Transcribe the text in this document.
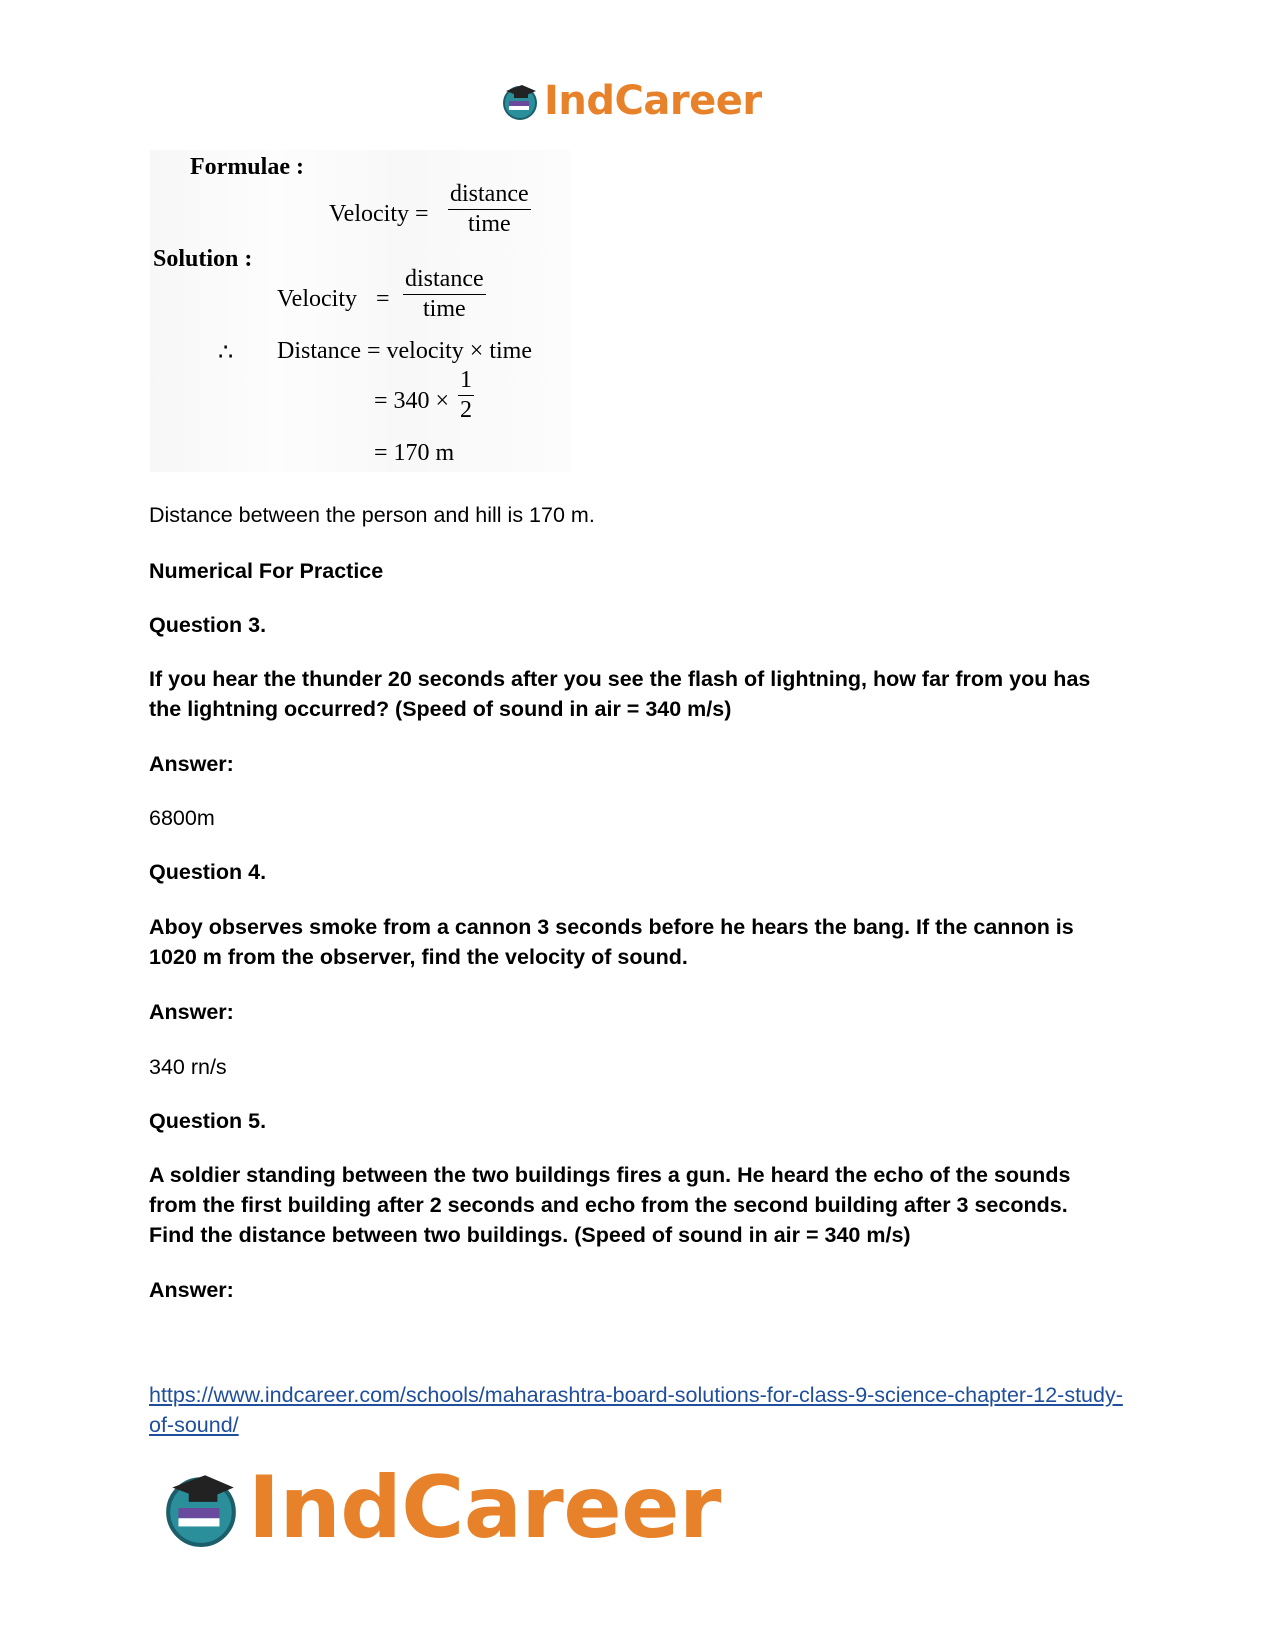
IndCareer
Formulae :
Velocity =
distance
time
Solution :
Velocity =
distance
time
∴ Distance = velocity × time
= $340 \times \frac{1}{2}$
= 170 m
Distance between the person and hill is 170 m.
Numerical For Practice
Question 3.
If you hear the thunder 20 seconds after you see the flash of lightning, how far from you has the lightning occurred? (Speed of sound in air = 340 m/s)
Answer:
6800m
Question 4.
Aboy observes smoke from a cannon 3 seconds before he hears the bang. If the cannon is 1020 m from the observer, find the velocity of sound.
Answer:
340 rn/s
Question 5.
A soldier standing between the two buildings fires a gun. He heard the echo of the sounds from the first building after 2 seconds and echo from the second building after 3 seconds. Find the distance between two buildings. (Speed of sound in air = 340 m/s)
Answer:
https://www.indcareer.com/schools/maharashtra-board-solutions-for-class-9-science-chapter-12-study-of-sound/
IndCareer
